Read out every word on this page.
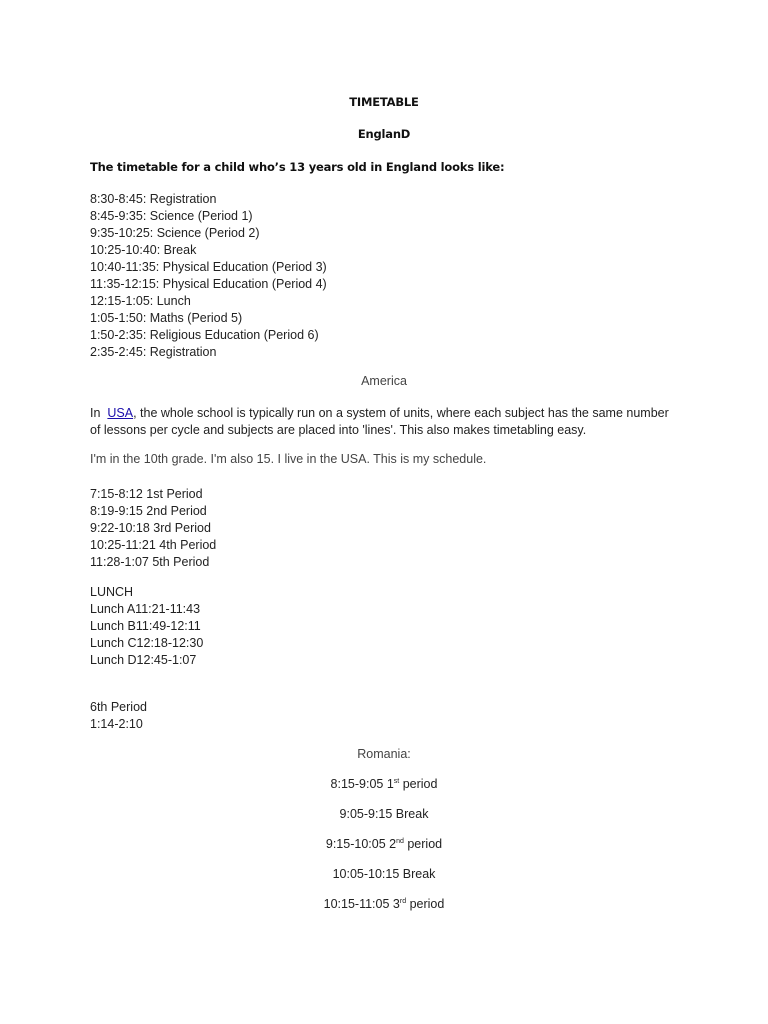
TIMETABLE
EnglanD
The timetable for a child who’s 13 years old in England looks like:
8:30-8:45: Registration
8:45-9:35: Science (Period 1)
9:35-10:25: Science (Period 2)
10:25-10:40: Break
10:40-11:35: Physical Education (Period 3)
11:35-12:15: Physical Education (Period 4)
12:15-1:05: Lunch
1:05-1:50: Maths (Period 5)
1:50-2:35: Religious Education (Period 6)
2:35-2:45: Registration
America
In USA, the whole school is typically run on a system of units, where each subject has the same number
of lessons per cycle and subjects are placed into 'lines'. This also makes timetabling easy.
I'm in the 10th grade. I'm also 15. I live in the USA. This is my schedule.
7:15-8:12 1st Period
8:19-9:15 2nd Period
9:22-10:18 3rd Period
10:25-11:21 4th Period
11:28-1:07 5th Period
LUNCH
Lunch A11:21-11:43
Lunch B11:49-12:11
Lunch C12:18-12:30
Lunch D12:45-1:07
6th Period
1:14-2:10
Romania:
8:15-9:05 1st period
9:05-9:15 Break
9:15-10:05 2nd period
10:05-10:15 Break
10:15-11:05 3rd period
